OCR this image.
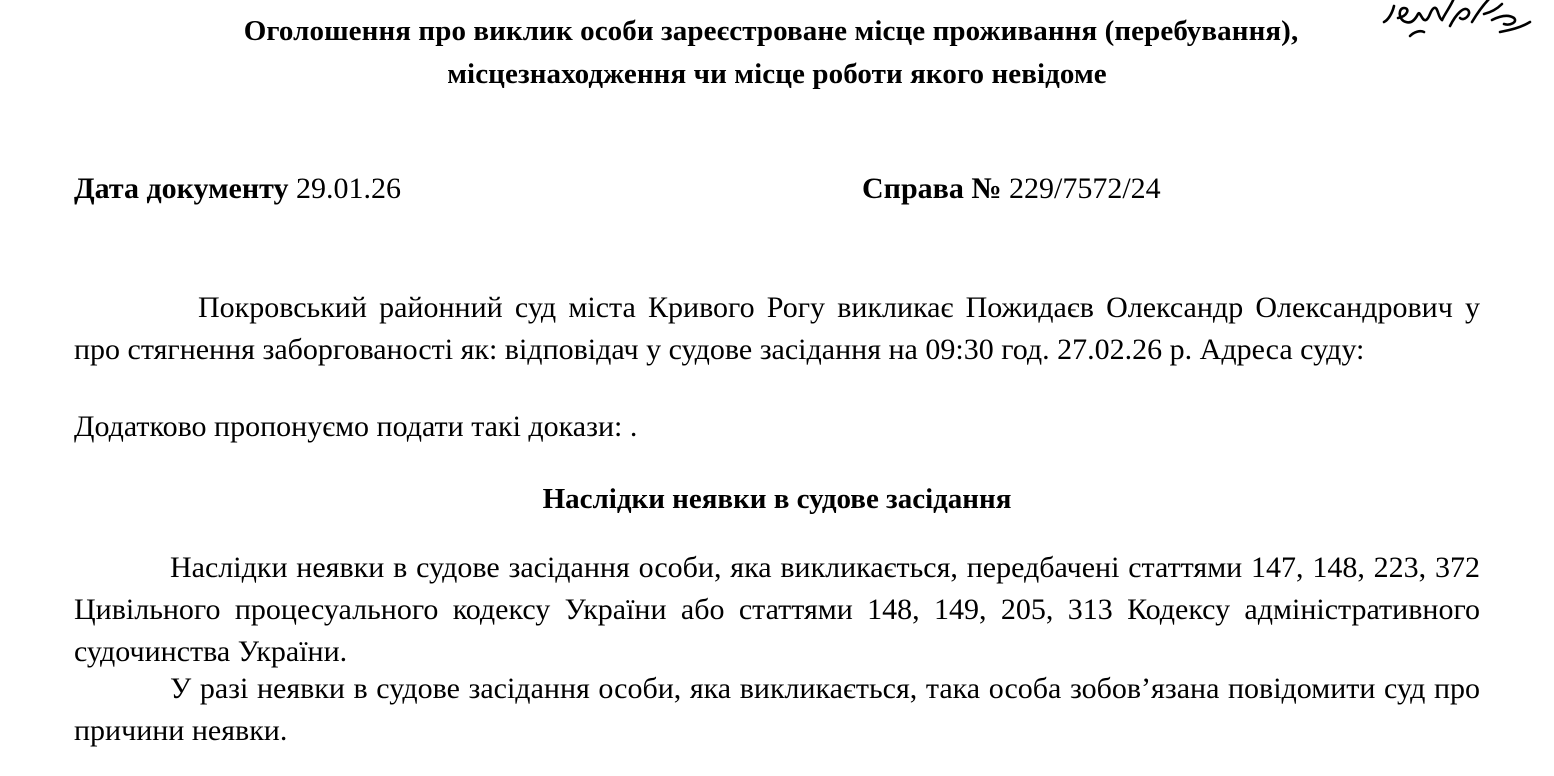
Оголошення про виклик особи зареєстроване місце проживання (перебування),
місцезнаходження чи місце роботи якого невідоме
Дата документу 29.01.26	Справа № 229/7572/24
Покровський районний суд міста Кривого Рогу викликає Пожидаєв Олександр Олександрович у про стягнення заборгованості як: відповідач у судове засідання на 09:30 год. 27.02.26 р. Адреса суду:
Додатково пропонуємо подати такі докази: .
Наслідки неявки в судове засідання
Наслідки неявки в судове засідання особи, яка викликається, передбачені статтями 147, 148, 223, 372 Цивільного процесуального кодексу України або статтями 148, 149, 205, 313 Кодексу адміністративного судочинства України.
У разі неявки в судове засідання особи, яка викликається, така особа зобов’язана повідомити суд про причини неявки.
